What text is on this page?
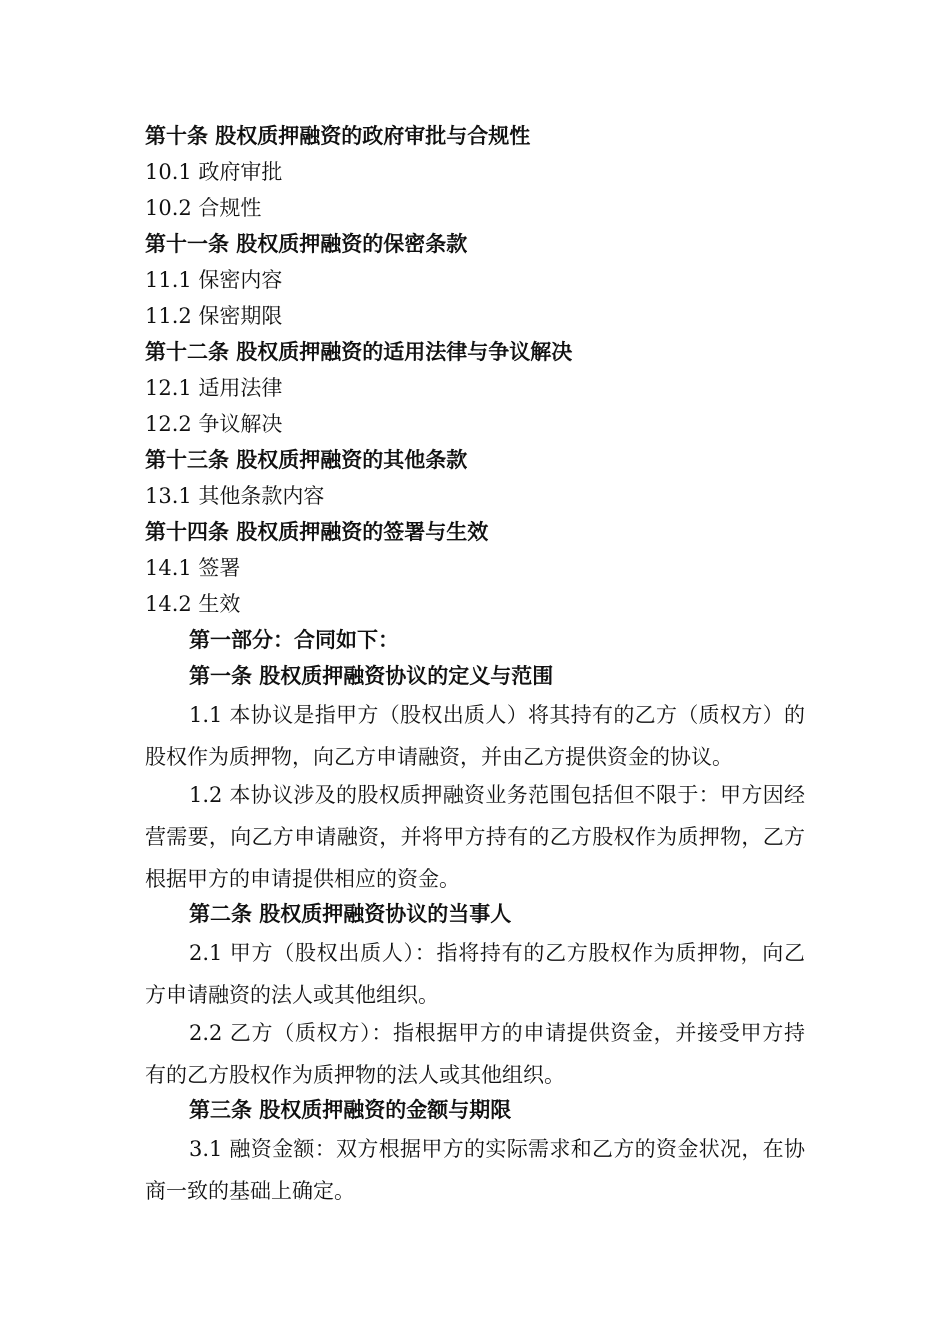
第十条 股权质押融资的政府审批与合规性

10.1 政府审批

10.2 合规性

第十一条 股权质押融资的保密条款

11.1 保密内容

11.2 保密期限

第十二条 股权质押融资的适用法律与争议解决

12.1 适用法律

12.2 争议解决

第十三条 股权质押融资的其他条款

13.1 其他条款内容

第十四条 股权质押融资的签署与生效

14.1 签署

14.2 生效

第一部分：合同如下：

第一条 股权质押融资协议的定义与范围

1.1 本协议是指甲方（股权出质人）将其持有的乙方（质权方）的股权作为质押物，向乙方申请融资，并由乙方提供资金的协议。

1.2 本协议涉及的股权质押融资业务范围包括但不限于：甲方因经营需要，向乙方申请融资，并将甲方持有的乙方股权作为质押物，乙方根据甲方的申请提供相应的资金。

第二条 股权质押融资协议的当事人

2.1 甲方（股权出质人）：指将持有的乙方股权作为质押物，向乙方申请融资的法人或其他组织。

2.2 乙方（质权方）：指根据甲方的申请提供资金，并接受甲方持有的乙方股权作为质押物的法人或其他组织。

第三条 股权质押融资的金额与期限

3.1 融资金额：双方根据甲方的实际需求和乙方的资金状况，在协商一致的基础上确定。
